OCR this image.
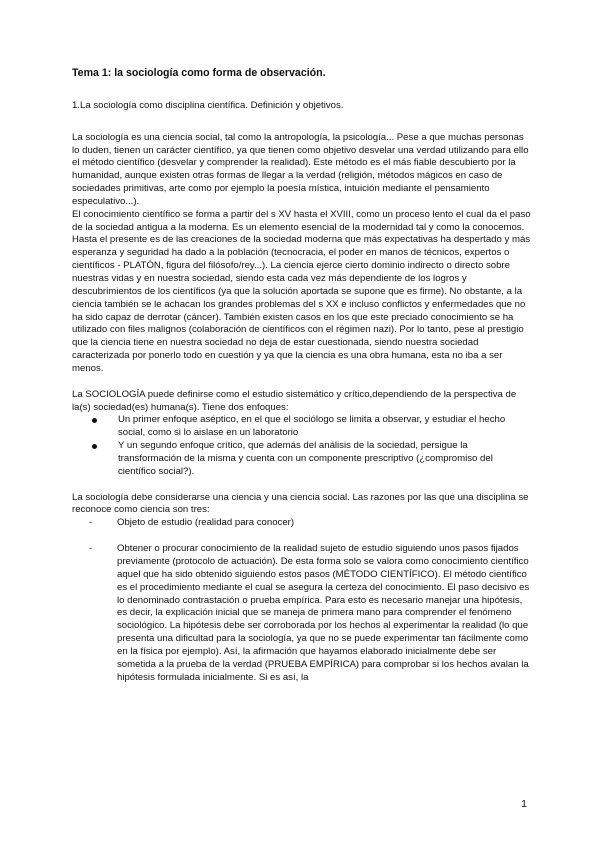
Tema 1: la sociología como forma de observación.

1.La sociología como disciplina científica. Definición y objetivos.

La sociología es una ciencia social, tal como la antropología, la psicología... Pese a que muchas personas lo duden, tienen un carácter científico, ya que tienen como objetivo desvelar una verdad utilizando para ello el método científico (desvelar y comprender la realidad). Este método es el más fiable descubierto por la humanidad, aunque existen otras formas de llegar a la verdad (religión, métodos mágicos en caso de sociedades primitivas, arte como por ejemplo la poesía mística, intuición mediante el pensamiento especulativo...).

El conocimiento científico se forma a partir del s XV hasta el XVIII, como un proceso lento el cual da el paso de la sociedad antigua a la moderna. Es un elemento esencial de la modernidad tal y como la conocemos. Hasta el presente es de las creaciones de la sociedad moderna que más expectativas ha despertado y más esperanza y seguridad ha dado a la población (tecnocracia, el poder en manos de técnicos, expertos o científicos - PLATÓN, figura del filósofo/rey...). La ciencia ejerce cierto dominio indirecto o directo sobre nuestras vidas y en nuestra sociedad, siendo esta cada vez más dependiente de los logros y descubrimientos de los científicos (ya que la solución aportada se supone que es firme). No obstante, a la ciencia también se le achacan los grandes problemas del s XX e incluso conflictos y enfermedades que no ha sido capaz de derrotar (cáncer). También existen casos en los que este preciado conocimiento se ha utilizado con files malignos (colaboración de científicos con el régimen nazi). Por lo tanto, pese al prestigio que la ciencia tiene en nuestra sociedad no deja de estar cuestionada, siendo nuestra sociedad caracterizada por ponerlo todo en cuestión y ya que la ciencia es una obra humana, esta no iba a ser menos.

La SOCIOLOGÍA puede definirse como el estudio sistemático y crítico,dependiendo de la perspectiva de la(s) sociedad(es) humana(s). Tiene dos enfoques:

Un primer enfoque aséptico, en el que el sociólogo se limita a observar, y estudiar el hecho social, como si lo aislase en un laboratorio
Y un segundo enfoque crítico, que además del análisis de la sociedad, persigue la transformación de la misma y cuenta con un componente prescriptivo (¿compromiso del científico social?).

La sociología debe considerarse una ciencia y una ciencia social. Las razones por las que una disciplina se reconoce como ciencia son tres:

- Objeto de estudio (realidad para conocer)
- Obtener o procurar conocimiento de la realidad sujeto de estudio siguiendo unos pasos fijados previamente (protocolo de actuación). De esta forma solo se valora como conocimiento científico aquel que ha sido obtenido siguiendo estos pasos (MÉTODO CIENTÍFICO). El método científico es el procedimiento mediante el cual se asegura la certeza del conocimiento. El paso decisivo es lo denominado contrastación o prueba empírica. Para esto es necesario manejar una hipótesis, es decir, la explicación inicial que se maneja de primera mano para comprender el fenómeno sociológico. La hipótesis debe ser corroborada por los hechos al experimentar la realidad (lo que presenta una dificultad para la sociología, ya que no se puede experimentar tan fácilmente como en la física por ejemplo). Así, la afirmación que hayamos elaborado inicialmente debe ser sometida a la prueba de la verdad (PRUEBA EMPÍRICA) para comprobar si los hechos avalan la hipótesis formulada inicialmente. Si es así, la
1
